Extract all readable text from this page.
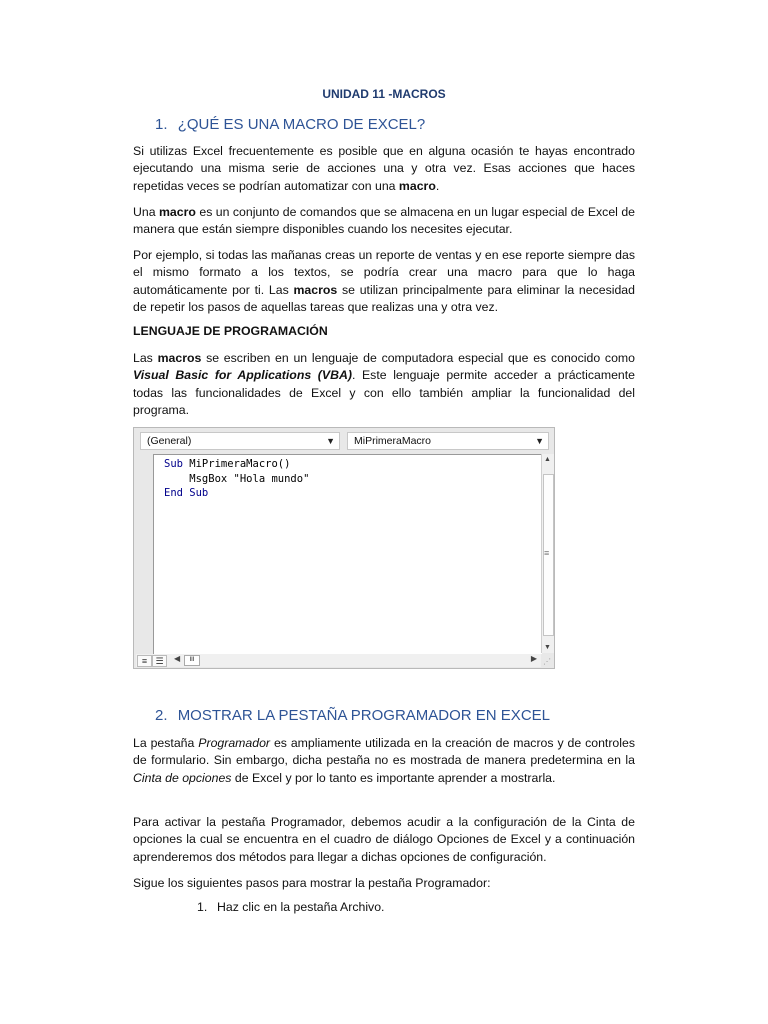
UNIDAD 11 -MACROS
1. ¿QUÉ ES UNA MACRO DE EXCEL?
Si utilizas Excel frecuentemente es posible que en alguna ocasión te hayas encontrado ejecutando una misma serie de acciones una y otra vez. Esas acciones que haces repetidas veces se podrían automatizar con una macro.
Una macro es un conjunto de comandos que se almacena en un lugar especial de Excel de manera que están siempre disponibles cuando los necesites ejecutar.
Por ejemplo, si todas las mañanas creas un reporte de ventas y en ese reporte siempre das el mismo formato a los textos, se podría crear una macro para que lo haga automáticamente por ti. Las macros se utilizan principalmente para eliminar la necesidad de repetir los pasos de aquellas tareas que realizas una y otra vez.
LENGUAJE DE PROGRAMACIÓN
Las macros se escriben en un lenguaje de computadora especial que es conocido como Visual Basic for Applications (VBA). Este lenguaje permite acceder a prácticamente todas las funcionalidades de Excel y con ello también ampliar la funcionalidad del programa.
(General)	▼	MiPrimeraMacro	▼
Sub MiPrimeraMacro()
MsgBox "Hola mundo"
End Sub
▲
≡
▼
≡ ☰	◀	III	▶ ⋰
2. MOSTRAR LA PESTAÑA PROGRAMADOR EN EXCEL
La pestaña Programador es ampliamente utilizada en la creación de macros y de controles de formulario. Sin embargo, dicha pestaña no es mostrada de manera predetermina en la Cinta de opciones de Excel y por lo tanto es importante aprender a mostrarla.
Para activar la pestaña Programador, debemos acudir a la configuración de la Cinta de opciones la cual se encuentra en el cuadro de diálogo Opciones de Excel y a continuación aprenderemos dos métodos para llegar a dichas opciones de configuración.
Sigue los siguientes pasos para mostrar la pestaña Programador:
1. Haz clic en la pestaña Archivo.
